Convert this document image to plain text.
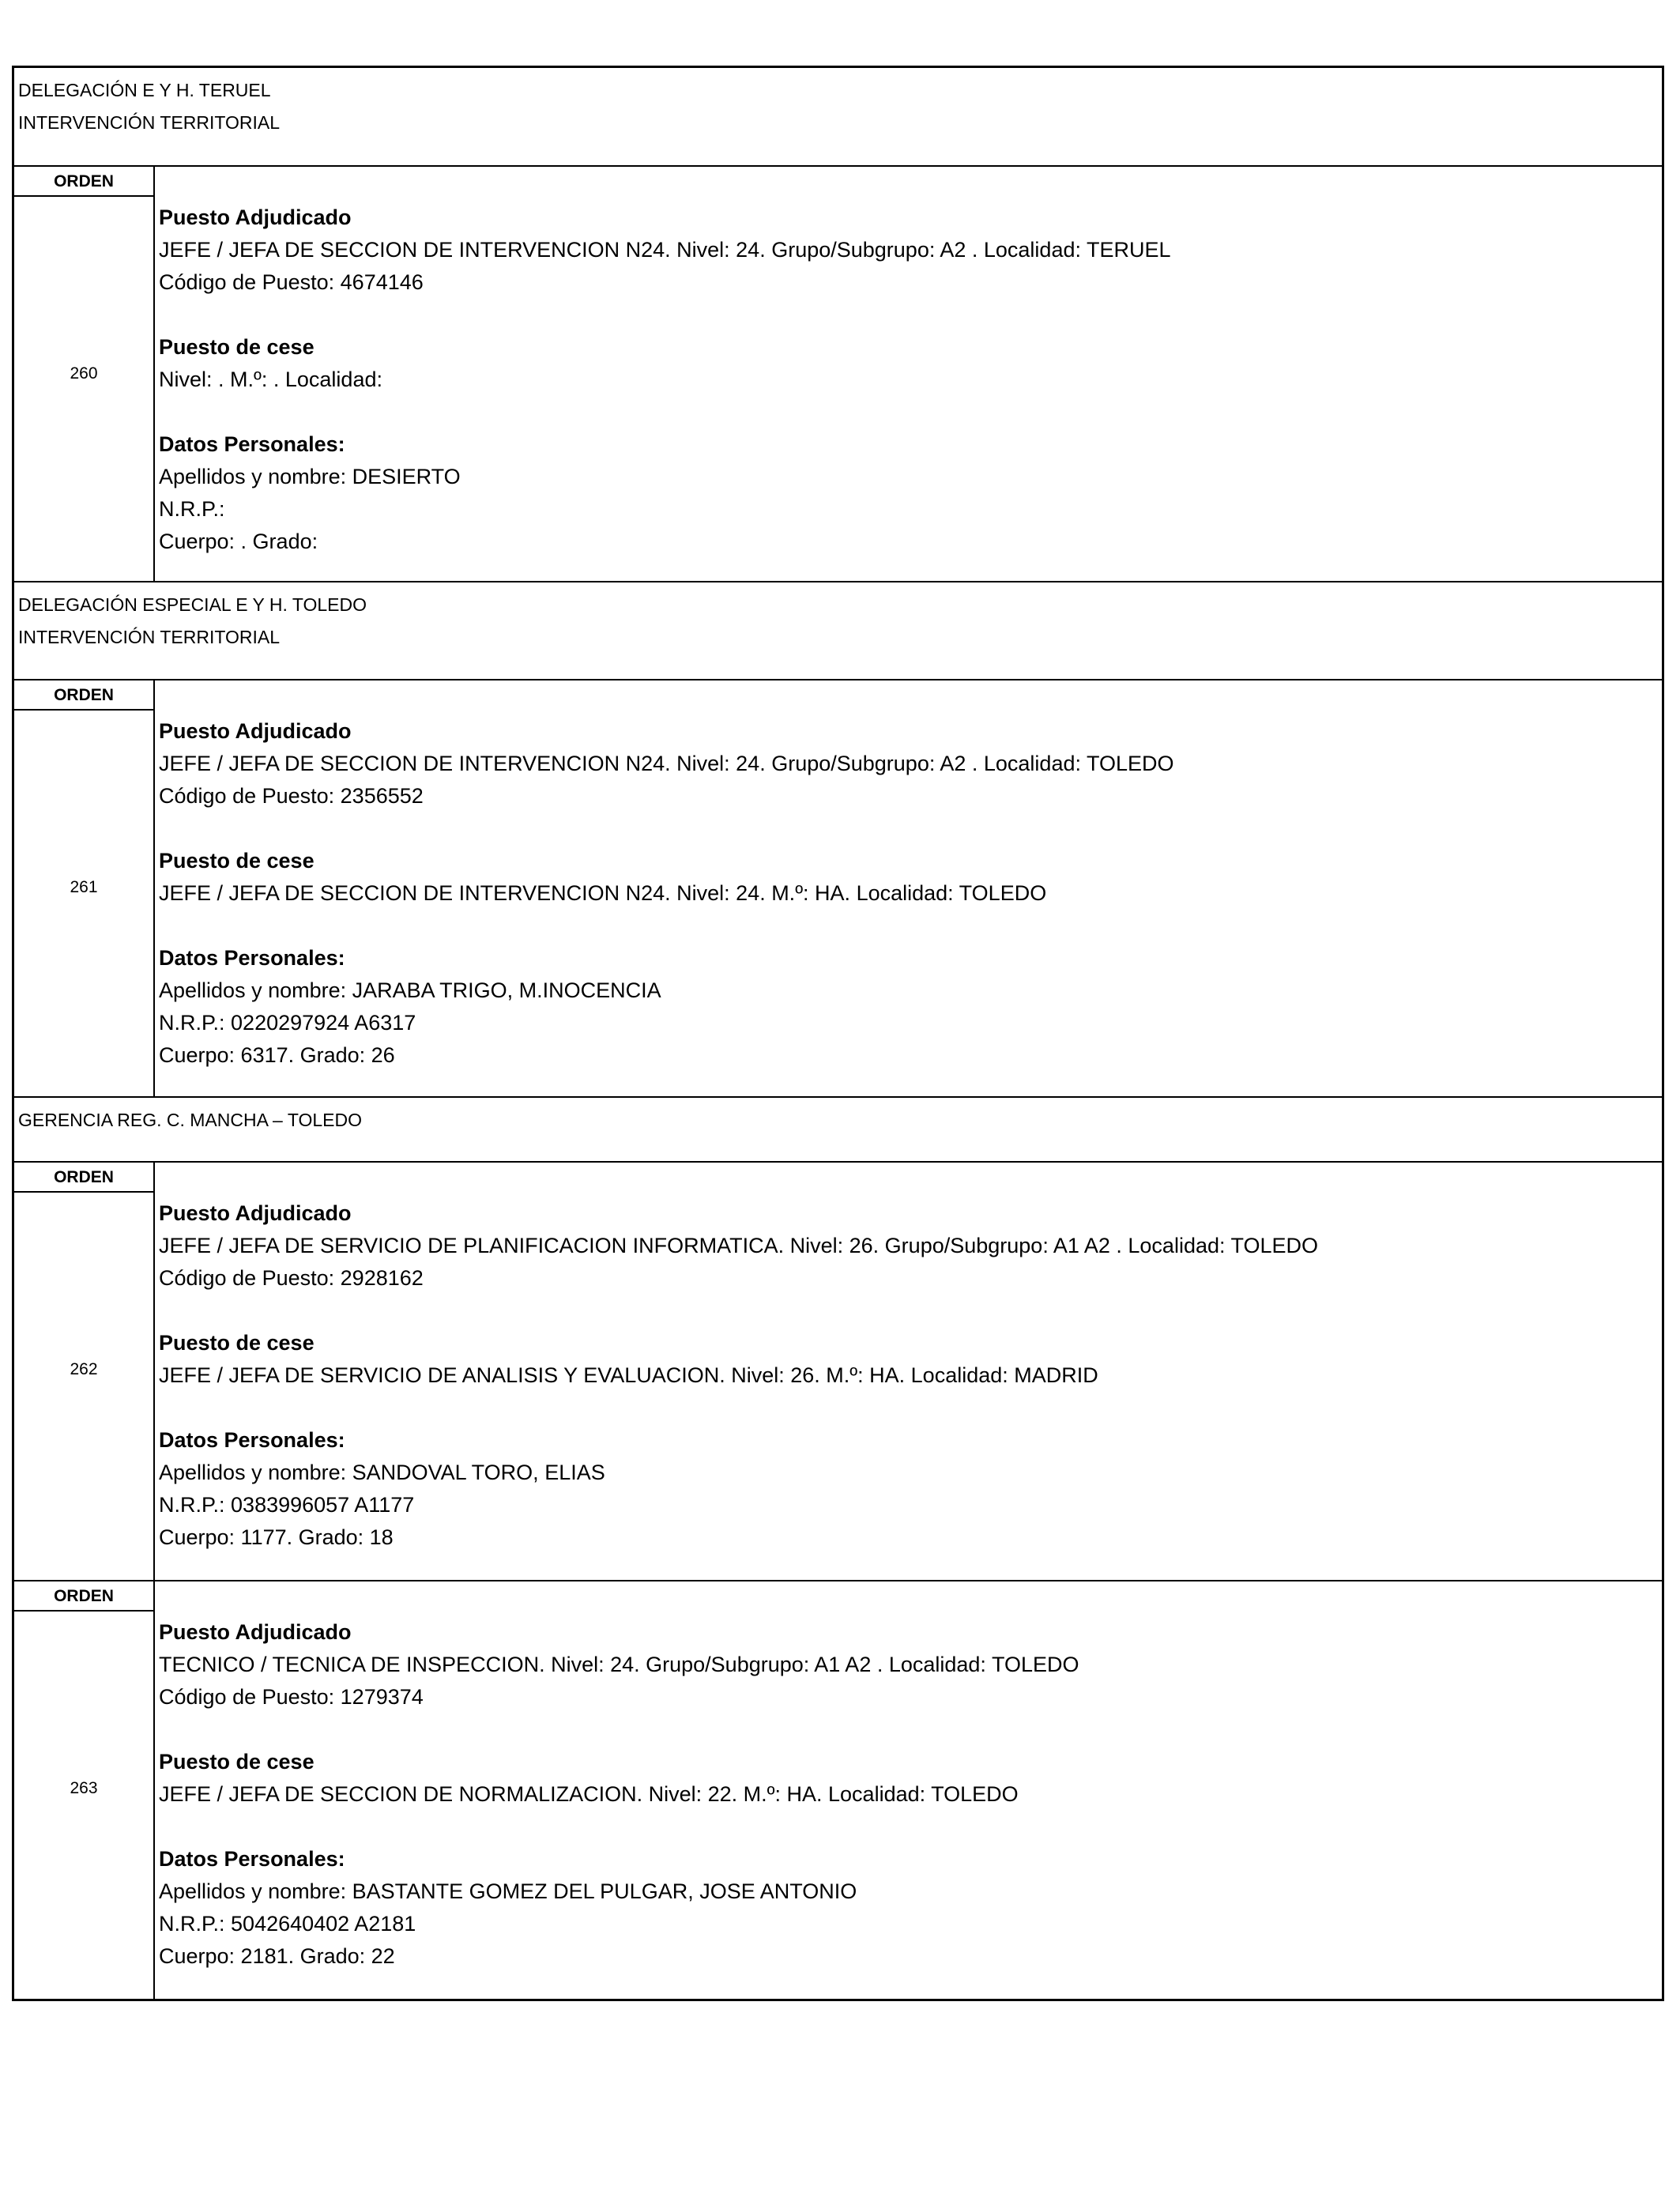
DELEGACIÓN E Y H. TERUEL
INTERVENCIÓN TERRITORIAL
ORDEN
260
Puesto Adjudicado
JEFE / JEFA DE SECCION DE INTERVENCION N24. Nivel: 24. Grupo/Subgrupo: A2 . Localidad: TERUEL
Código de Puesto: 4674146
Puesto de cese
Nivel: . M.º: . Localidad:
Datos Personales:
Apellidos y nombre: DESIERTO
N.R.P.:
Cuerpo: . Grado:
DELEGACIÓN ESPECIAL E Y H. TOLEDO
INTERVENCIÓN TERRITORIAL
ORDEN
261
Puesto Adjudicado
JEFE / JEFA DE SECCION DE INTERVENCION N24. Nivel: 24. Grupo/Subgrupo: A2 . Localidad: TOLEDO
Código de Puesto: 2356552
Puesto de cese
JEFE / JEFA DE SECCION DE INTERVENCION N24. Nivel: 24. M.º: HA. Localidad: TOLEDO
Datos Personales:
Apellidos y nombre: JARABA TRIGO, M.INOCENCIA
N.R.P.: 0220297924 A6317
Cuerpo: 6317. Grado: 26
GERENCIA REG. C. MANCHA – TOLEDO
ORDEN
262
Puesto Adjudicado
JEFE / JEFA DE SERVICIO DE PLANIFICACION INFORMATICA. Nivel: 26. Grupo/Subgrupo: A1 A2 . Localidad: TOLEDO
Código de Puesto: 2928162
Puesto de cese
JEFE / JEFA DE SERVICIO DE ANALISIS Y EVALUACION. Nivel: 26. M.º: HA. Localidad: MADRID
Datos Personales:
Apellidos y nombre: SANDOVAL TORO, ELIAS
N.R.P.: 0383996057 A1177
Cuerpo: 1177. Grado: 18
ORDEN
263
Puesto Adjudicado
TECNICO / TECNICA DE INSPECCION. Nivel: 24. Grupo/Subgrupo: A1 A2 . Localidad: TOLEDO
Código de Puesto: 1279374
Puesto de cese
JEFE / JEFA DE SECCION DE NORMALIZACION. Nivel: 22. M.º: HA. Localidad: TOLEDO
Datos Personales:
Apellidos y nombre: BASTANTE GOMEZ DEL PULGAR, JOSE ANTONIO
N.R.P.: 5042640402 A2181
Cuerpo: 2181. Grado: 22
